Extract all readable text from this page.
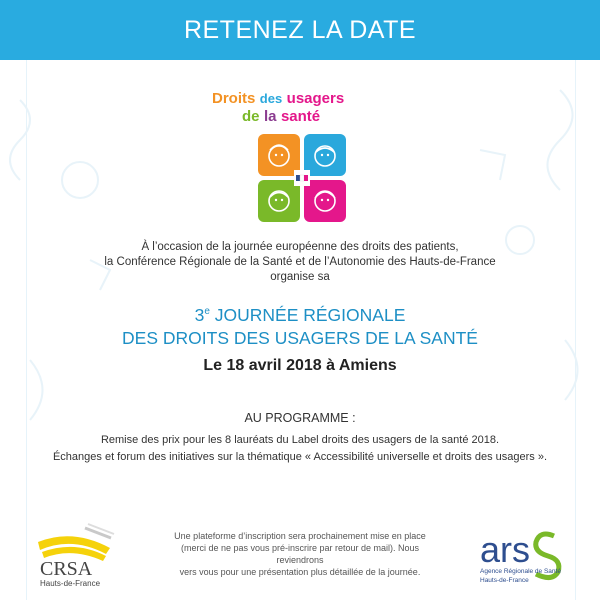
RETENEZ LA DATE
Droits des usagers
de la santé
À l’occasion de la journée européenne des droits des patients,
la Conférence Régionale de la Santé et de l’Autonomie des Hauts-de-France
organise sa
3e JOURNÉE RÉGIONALE
DES DROITS DES USAGERS DE LA SANTÉ
Le 18 avril 2018 à Amiens
AU PROGRAMME :
Remise des prix pour les 8 lauréats du Label droits des usagers de la santé 2018.
Échanges et forum des initiatives sur la thématique « Accessibilité universelle et droits des usagers ».
CRSA
Hauts-de-France
Une plateforme d’inscription sera prochainement mise en place
(merci de ne pas vous pré-inscrire par retour de mail). Nous reviendrons
vers vous pour une présentation plus détaillée de la journée.
ars
Agence Régionale de Santé
Hauts-de-France
